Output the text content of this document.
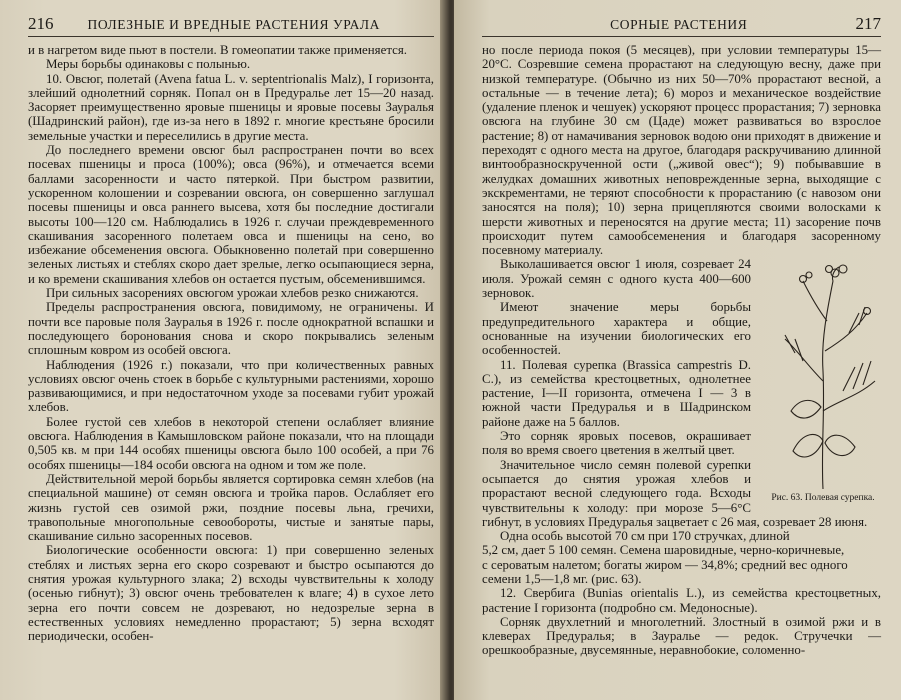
216	ПОЛЕЗНЫЕ И ВРЕДНЫЕ РАСТЕНИЯ УРАЛА

и в нагретом виде пьют в постели. В гомеопатии также применяется.

Меры борьбы одинаковы с полынью.

10. Овсюг, полетай (Avena fatua L. v. septentrionalis Malz), I горизонта, злейший однолетний сорняк. Попал он в Предуралье лет 15—20 назад. Засоряет преимущественно яровые пшеницы и яровые посевы Зауралья (Шадринский район), где из-за него в 1892 г. многие крестьяне бросили земельные участки и переселились в другие места.

До последнего времени овсюг был распространен почти во всех посевах пшеницы и проса (100%); овса (96%), и отмечается всеми баллами засоренности и часто пятеркой. При быстром развитии, ускоренном колошении и созревании овсюга, он совершенно заглушал посевы пшеницы и овса раннего высева, хотя бы последние достигали высоты 100—120 см. Наблюдались в 1926 г. случаи преждевременного скашивания засоренного полетаем овса и пшеницы на сено, во избежание обсеменения овсюга. Обыкновенно полетай при совершенно зеленых листьях и стеблях скоро дает зрелые, легко осыпающиеся зерна, и ко времени скашивания хлебов он остается пустым, обсеменившимся.

При сильных засорениях овсюгом урожаи хлебов резко снижаются.

Пределы распространения овсюга, повидимому, не ограничены. И почти все паровые поля Зауралья в 1926 г. после однократной вспашки и последующего боронования снова и скоро покрывались зеленым сплошным ковром из особей овсюга.

Наблюдения (1926 г.) показали, что при количественных равных условиях овсюг очень стоек в борьбе с культурными растениями, хорошо развивающимися, и при недостаточном уходе за посевами губит урожай хлебов.

Более густой сев хлебов в некоторой степени ослабляет влияние овсюга. Наблюдения в Камышловском районе показали, что на площади 0,505 кв. м при 144 особях пшеницы овсюга было 100 особей, а при 76 особях пшеницы—184 особи овсюга на одном и том же поле.

Действительной мерой борьбы является сортировка семян хлебов (на специальной машине) от семян овсюга и тройка паров. Ослабляет его жизнь густой сев озимой ржи, поздние посевы льна, гречихи, травопольные многопольные севообороты, чистые и занятые пары, скашивание сильно засоренных посевов.

Биологические особенности овсюга: 1) при совершенно зеленых стеблях и листьях зерна его скоро созревают и быстро осыпаются до снятия урожая культурного злака; 2) всходы чувствительны к холоду (осенью гибнут); 3) овсюг очень требователен к влаге; 4) в сухое лето зерна его почти совсем не дозревают, но недозрелые зерна в естественных условиях немедленно прорастают; 5) зерна всходят периодически, особен-

СОРНЫЕ РАСТЕНИЯ	217

но после периода покоя (5 месяцев), при условии температуры 15—20°С. Созревшие семена прорастают на следующую весну, даже при низкой температуре. (Обычно из них 50—70% прорастают весной, а остальные — в течение лета); 6) мороз и механическое воздействие (удаление пленок и чешуек) ускоряют процесс прорастания; 7) зерновка овсюга на глубине 30 см (Цаде) может развиваться во взрослое растение; 8) от намачивания зерновок водою они приходят в движение и переходят с одного места на другое, благодаря раскручиванию длинной винтообразноскрученной ости („живой овес“); 9) побывавшие в желудках домашних животных неповрежденные зерна, выходящие с экскрементами, не теряют способности к прорастанию (с навозом они заносятся на поля); 10) зерна прицепляются своими волосками к шерсти животных и переносятся на другие места; 11) засорение почв происходит путем самообсеменения и благодаря засоренному посевному материалу.

Рис. 63. Полевая сурепка.

Выколашивается овсюг 1 июля, созревает 24 июля. Урожай семян с одного куста 400—600 зерновок.

Имеют значение меры борьбы предупредительного характера и общие, основанные на изучении биологических его особенностей.

11. Полевая сурепка (Brassica campestris D. C.), из семейства крестоцветных, однолетнее растение, I—II горизонта, отмечена I — 3 в южной части Предуралья и в Шадринском районе даже на 5 баллов.

Это сорняк яровых посевов, окрашивает поля во время своего цветения в желтый цвет.

Значительное число семян полевой сурепки осыпается до снятия урожая хлебов и прорастают весной следующего года. Всходы чувствительны к холоду: при морозе 5—6°С гибнут, в условиях Предуралья зацветает с 26 мая, созревает 28 июня.

Одна особь высотой 70 см при 170 стручках, длиной

5,2 см, дает 5 100 семян. Семена шаровидные, черно-коричневые,

с сероватым налетом; богаты жиром — 34,8%; средний вес одного

семени 1,5—1,8 мг. (рис. 63).

12. Свербига (Bunias orientalis L.), из семейства крестоцветных, растение I горизонта (подробно см. Медоносные).

Сорняк двухлетний и многолетний. Злостный в озимой ржи и в клеверах Предуралья; в Зауралье — редок. Стручечки — орешкообразные, двусемянные, неравнобокие, соломенно-
